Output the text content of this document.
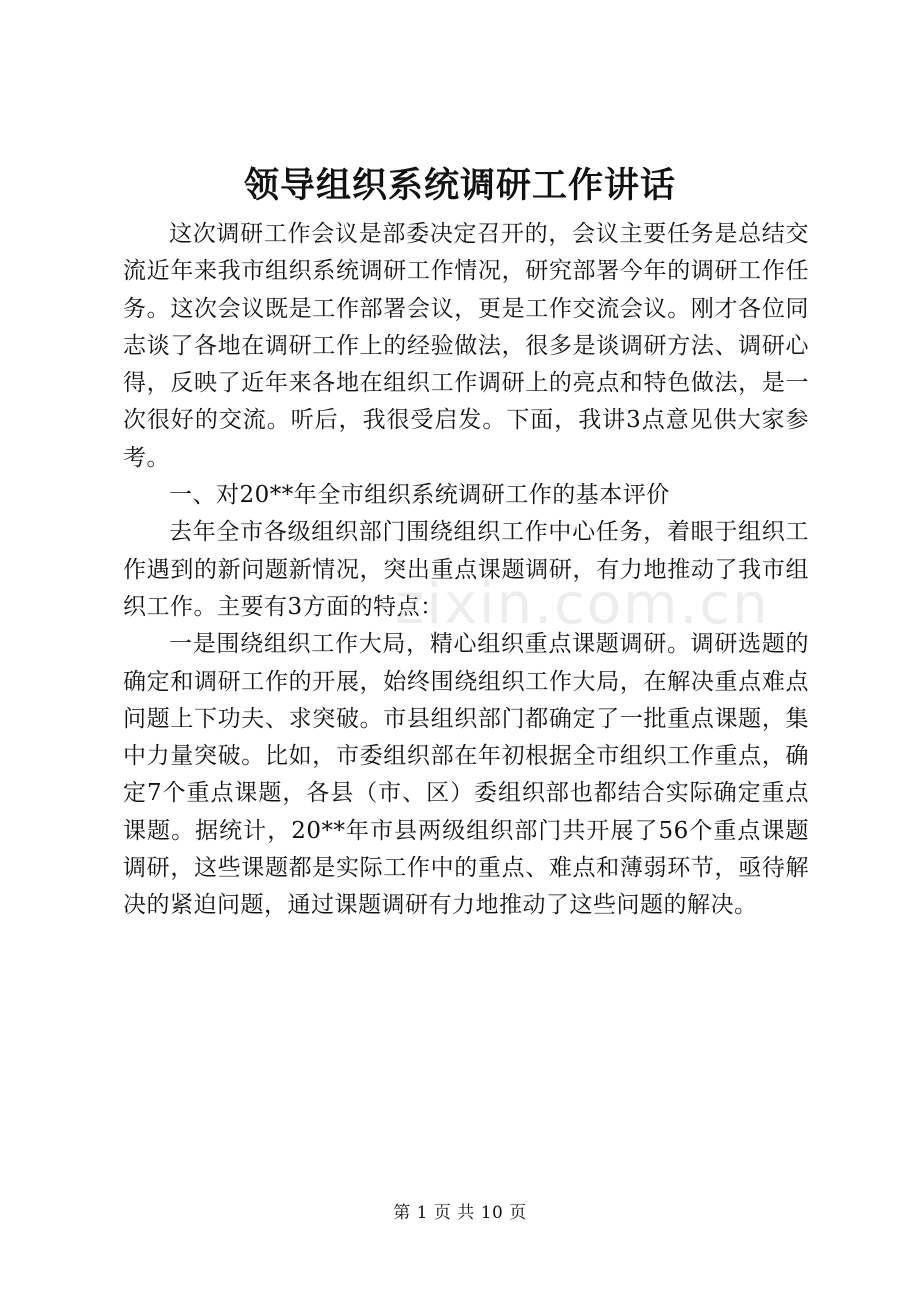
领导组织系统调研工作讲话

这次调研工作会议是部委决定召开的，会议主要任务是总结交流近年来我市组织系统调研工作情况，研究部署今年的调研工作任务。这次会议既是工作部署会议，更是工作交流会议。刚才各位同志谈了各地在调研工作上的经验做法，很多是谈调研方法、调研心得，反映了近年来各地在组织工作调研上的亮点和特色做法，是一次很好的交流。听后，我很受启发。下面，我讲3点意见供大家参考。

一、对20**年全市组织系统调研工作的基本评价

去年全市各级组织部门围绕组织工作中心任务，着眼于组织工作遇到的新问题新情况，突出重点课题调研，有力地推动了我市组织工作。主要有3方面的特点：

一是围绕组织工作大局，精心组织重点课题调研。调研选题的确定和调研工作的开展，始终围绕组织工作大局，在解决重点难点问题上下功夫、求突破。市县组织部门都确定了一批重点课题，集中力量突破。比如，市委组织部在年初根据全市组织工作重点，确定7个重点课题，各县（市、区）委组织部也都结合实际确定重点课题。据统计，20**年市县两级组织部门共开展了56个重点课题调研，这些课题都是实际工作中的重点、难点和薄弱环节，亟待解决的紧迫问题，通过课题调研有力地推动了这些问题的解决。

zixin.com.cn
第 1 页 共 10 页
